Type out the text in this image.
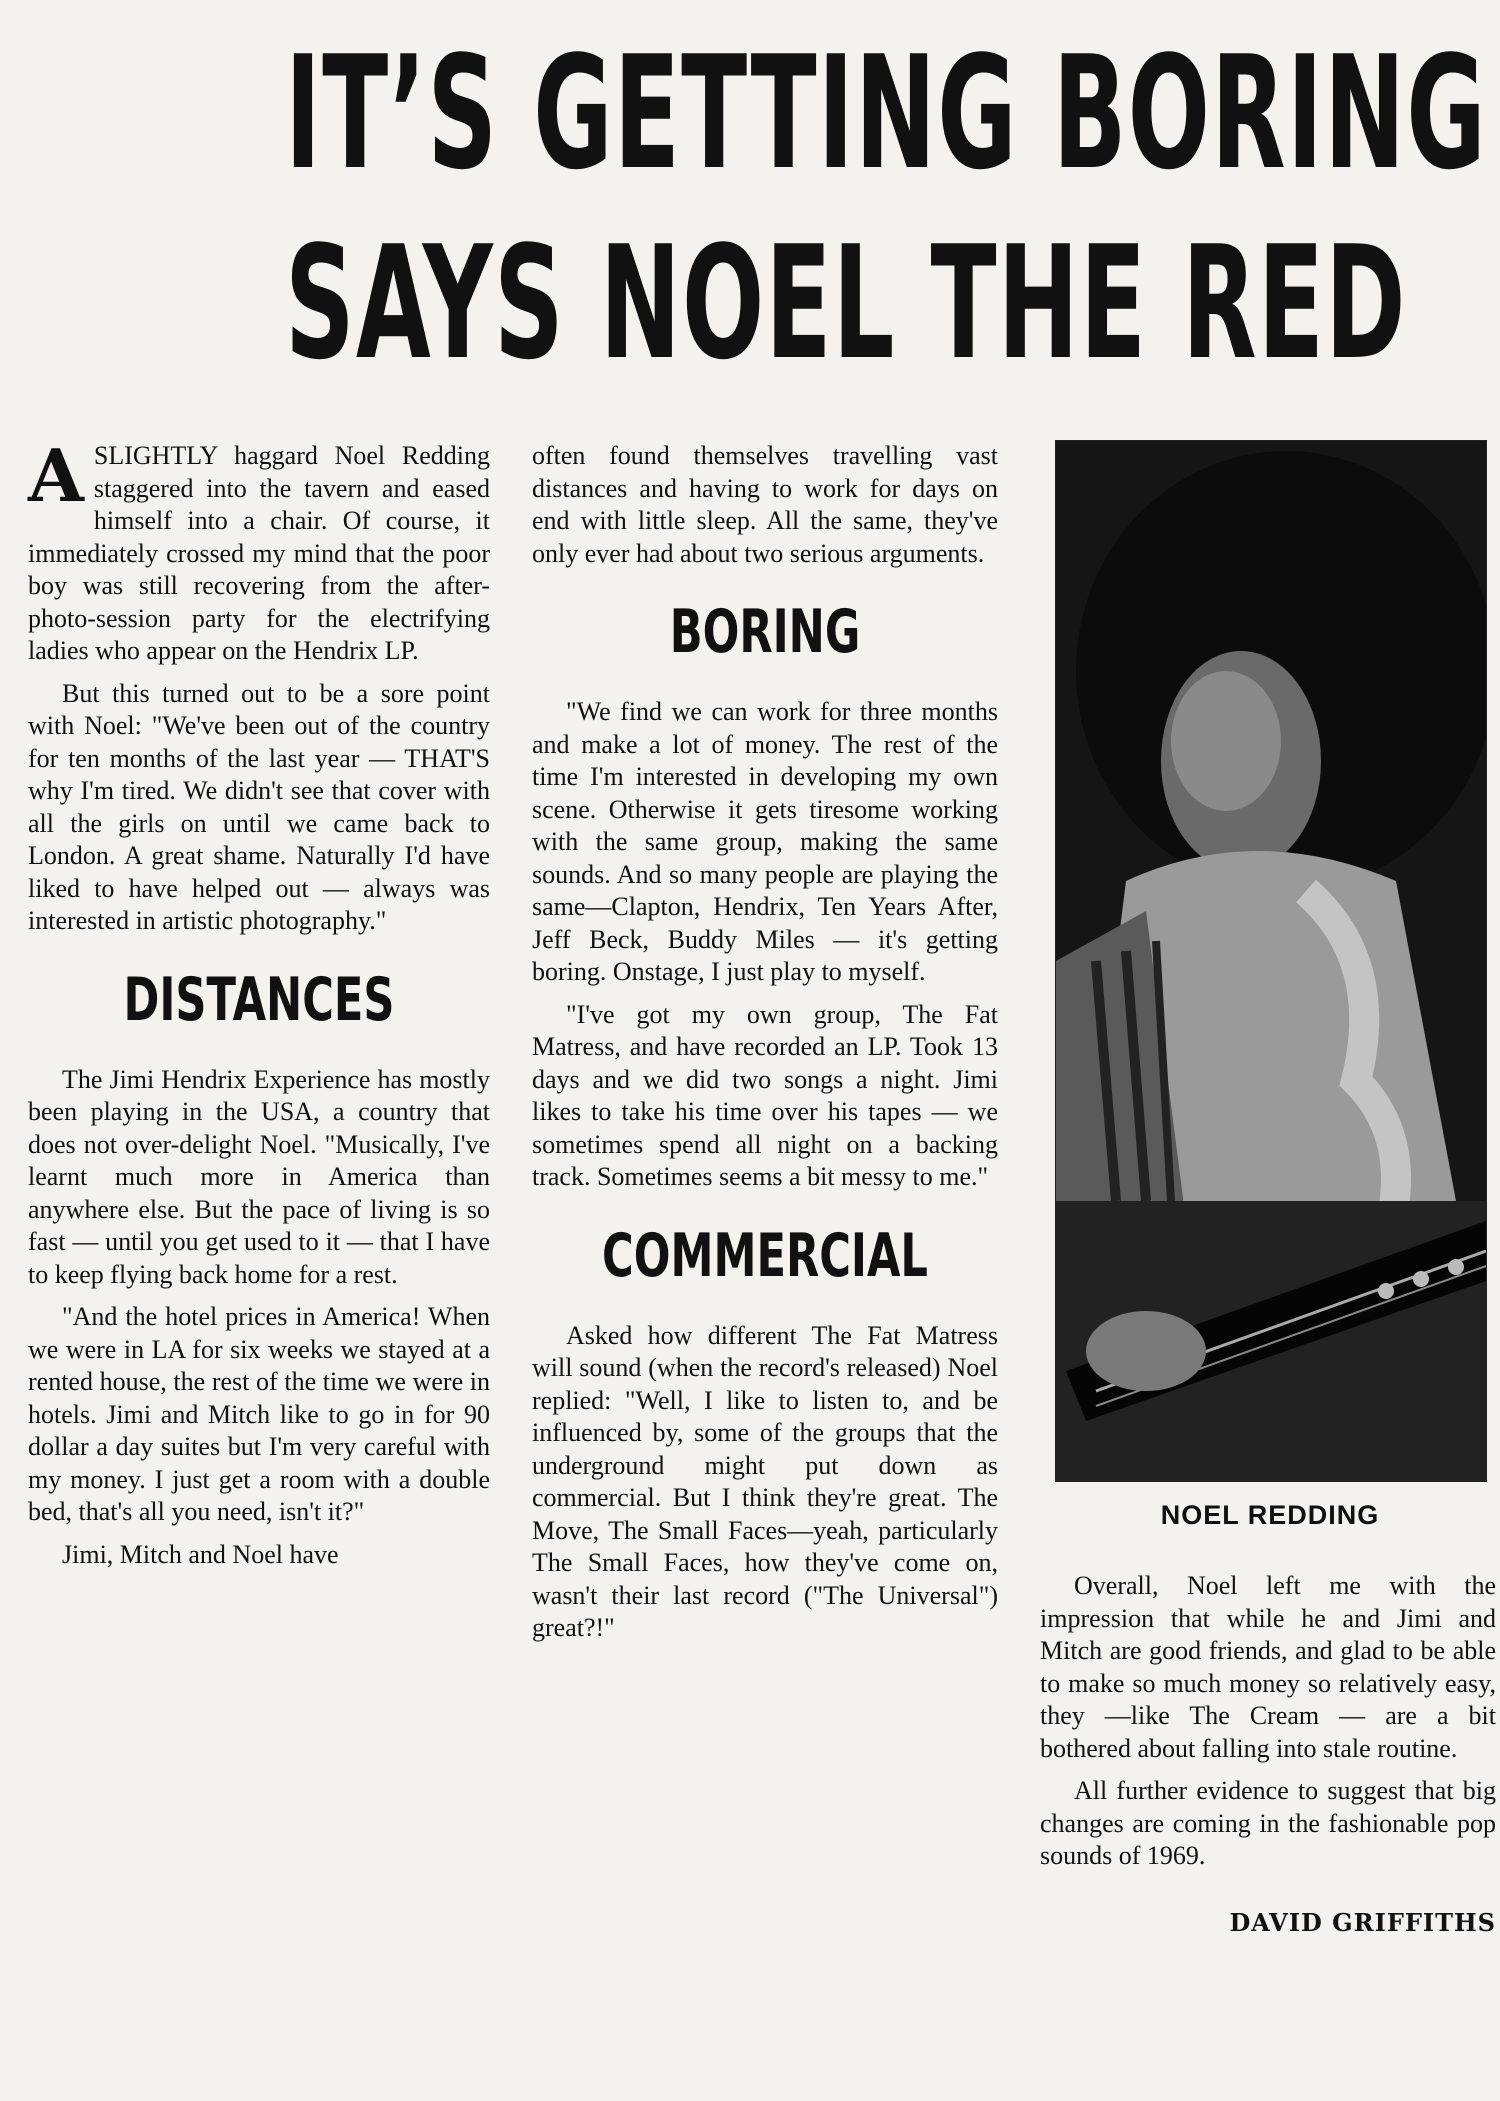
IT’S GETTING BORING
SAYS NOEL THE RED

ASLIGHTLY haggard Noel Redding staggered into the tavern and eased himself into a chair. Of course, it immediately crossed my mind that the poor boy was still recovering from the after-photo-session party for the electrifying ladies who appear on the Hendrix LP.

But this turned out to be a sore point with Noel: "We've been out of the country for ten months of the last year — THAT'S why I'm tired. We didn't see that cover with all the girls on until we came back to London. A great shame. Naturally I'd have liked to have helped out — always was interested in artistic photography."

DISTANCES

The Jimi Hendrix Experience has mostly been playing in the USA, a country that does not over-delight Noel. "Musically, I've learnt much more in America than anywhere else. But the pace of living is so fast — until you get used to it — that I have to keep flying back home for a rest.

"And the hotel prices in America! When we were in LA for six weeks we stayed at a rented house, the rest of the time we were in hotels. Jimi and Mitch like to go in for 90 dollar a day suites but I'm very careful with my money. I just get a room with a double bed, that's all you need, isn't it?"

Jimi, Mitch and Noel have

often found themselves travelling vast distances and having to work for days on end with little sleep. All the same, they've only ever had about two serious arguments.

BORING

"We find we can work for three months and make a lot of money. The rest of the time I'm interested in developing my own scene. Otherwise it gets tiresome working with the same group, making the same sounds. And so many people are playing the same—Clapton, Hendrix, Ten Years After, Jeff Beck, Buddy Miles — it's getting boring. Onstage, I just play to myself.

"I've got my own group, The Fat Matress, and have recorded an LP. Took 13 days and we did two songs a night. Jimi likes to take his time over his tapes — we sometimes spend all night on a backing track. Sometimes seems a bit messy to me."

COMMERCIAL

Asked how different The Fat Matress will sound (when the record's released) Noel replied: "Well, I like to listen to, and be influenced by, some of the groups that the underground might put down as commercial. But I think they're great. The Move, The Small Faces—yeah, particularly The Small Faces, how they've come on, wasn't their last record ("The Universal") great?!"

NOEL REDDING

Overall, Noel left me with the impression that while he and Jimi and Mitch are good friends, and glad to be able to make so much money so relatively easy, they —like The Cream — are a bit bothered about falling into stale routine.

All further evidence to suggest that big changes are coming in the fashionable pop sounds of 1969.

DAVID GRIFFITHS
